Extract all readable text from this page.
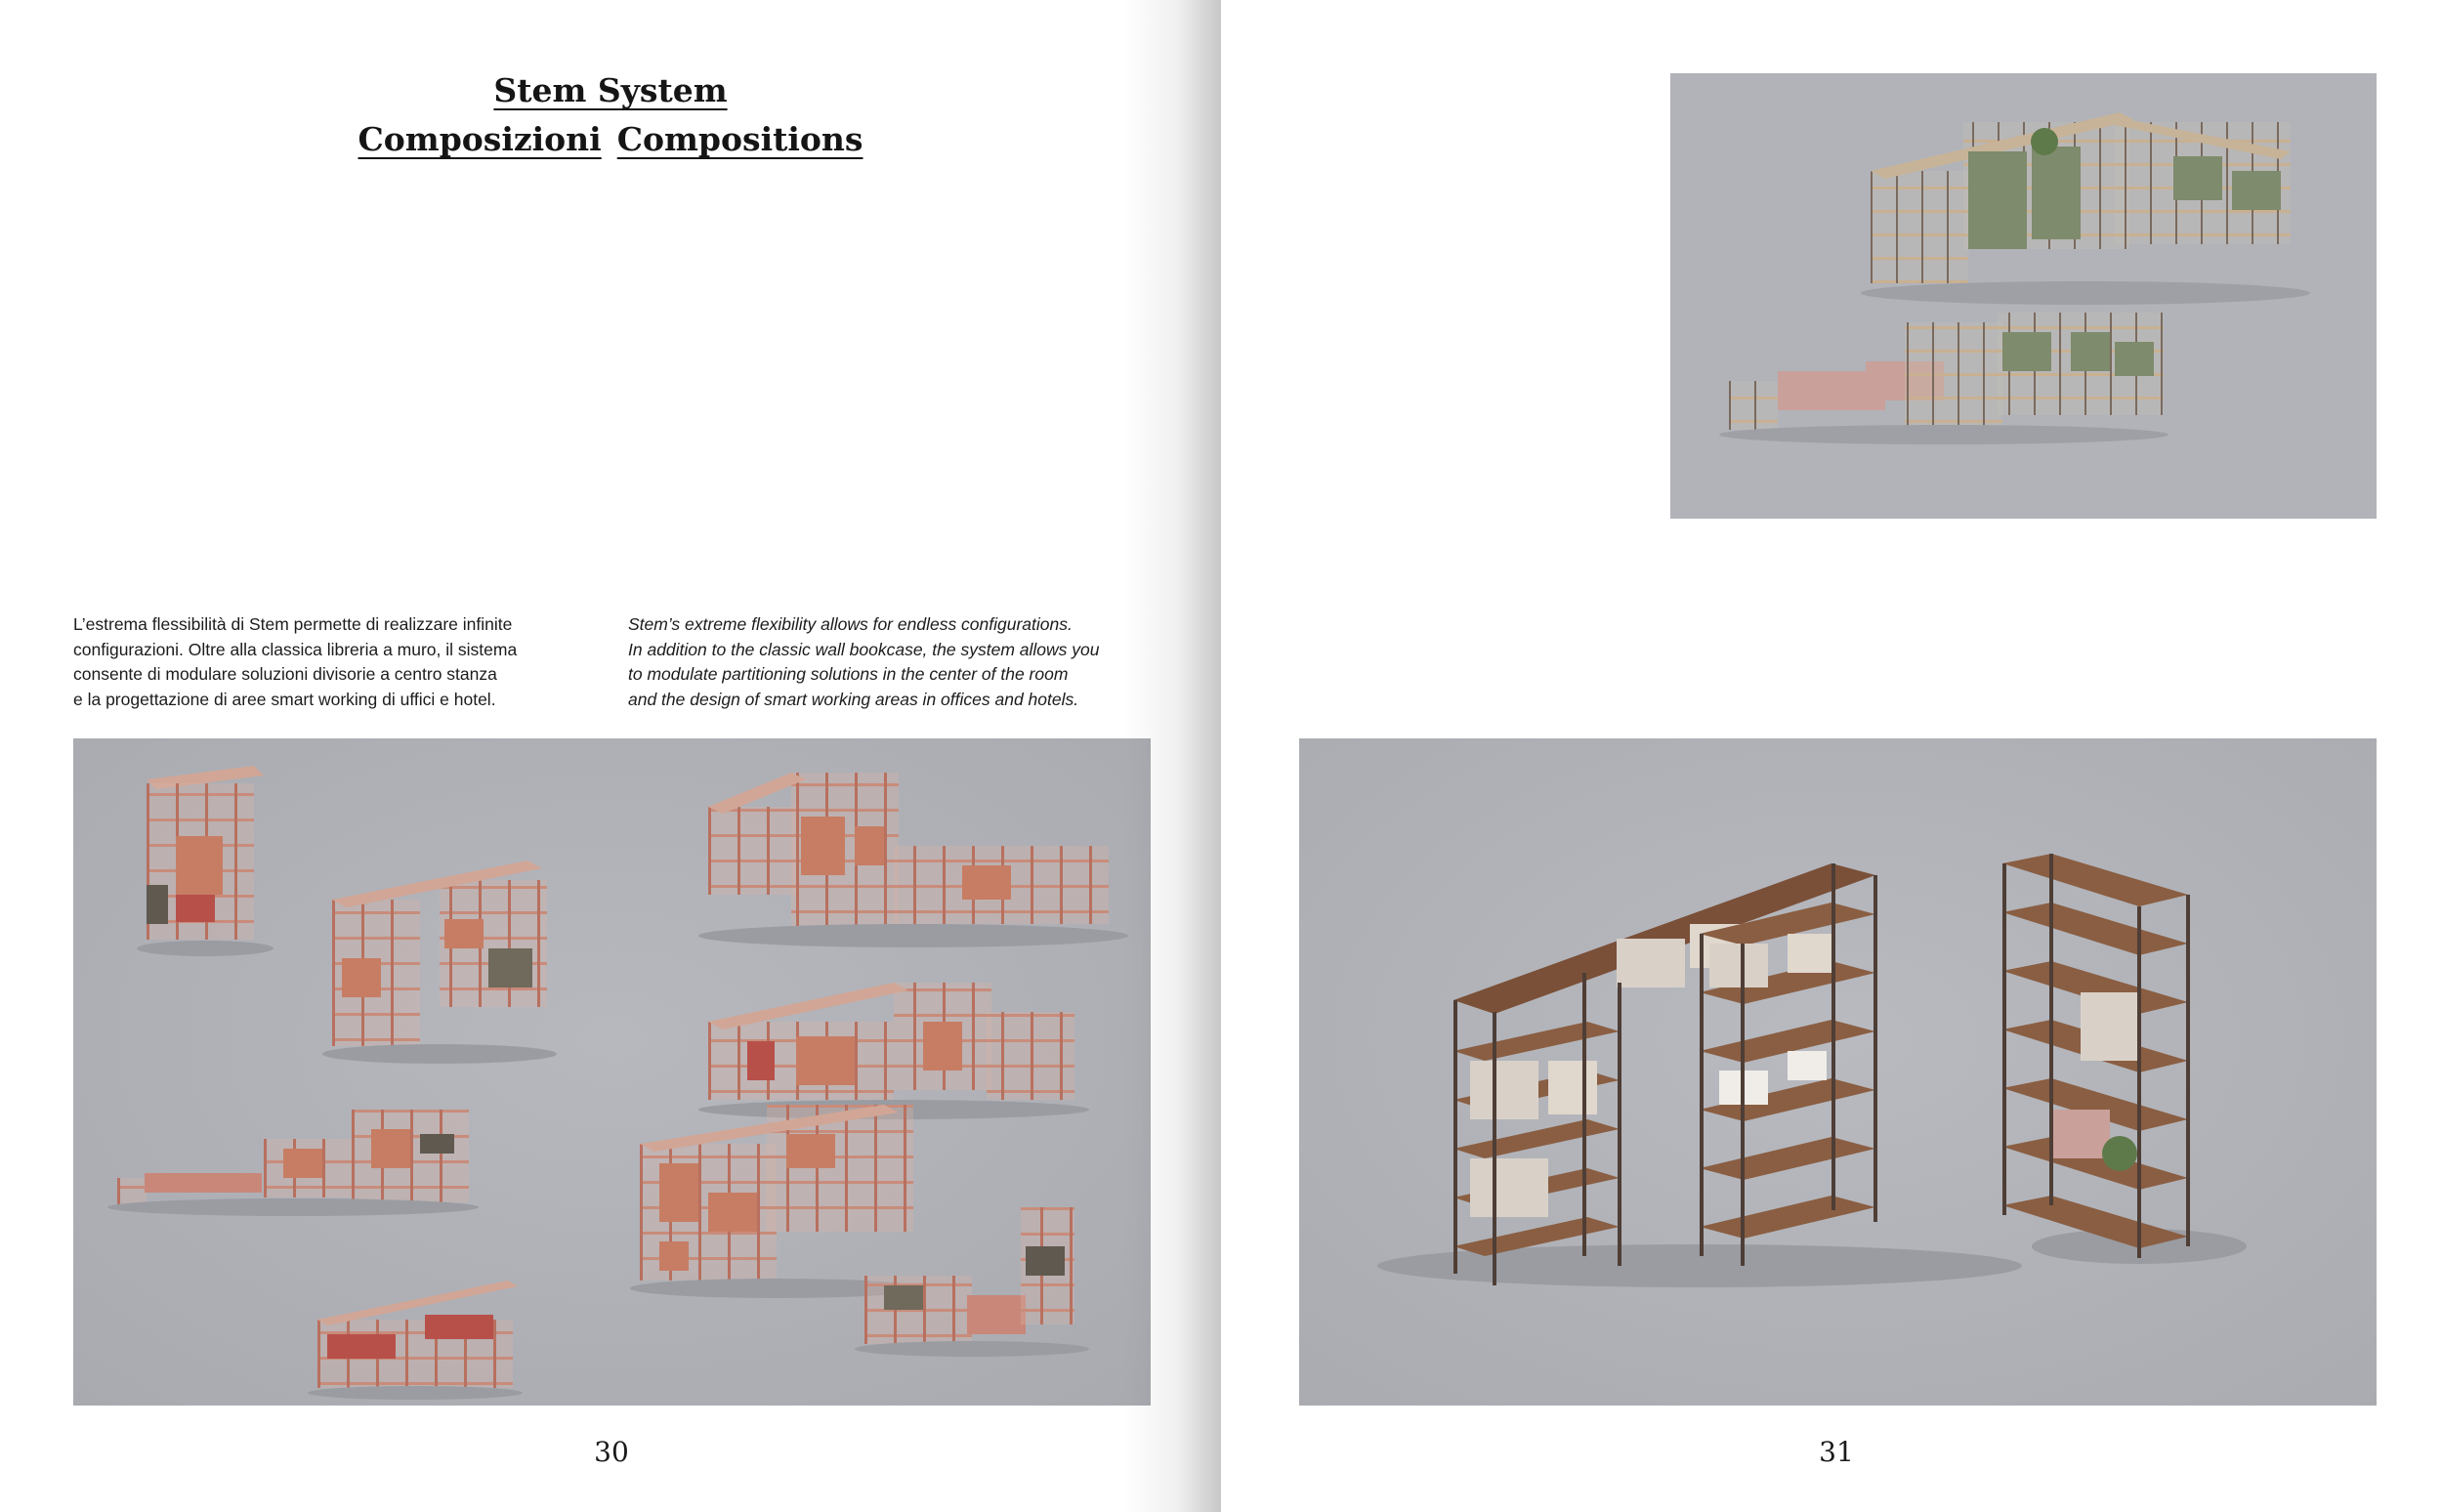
Stem System
Composizioni Compositions
L’estrema flessibilità di Stem permette di realizzare infinite
configurazioni. Oltre alla classica libreria a muro, il sistema
consente di modulare soluzioni divisorie a centro stanza
e la progettazione di aree smart working di uffici e hotel.
Stem’s extreme flexibility allows for endless configurations.
In addition to the classic wall bookcase, the system allows you
to modulate partitioning solutions in the center of the room
and the design of smart working areas in offices and hotels.
30	31
